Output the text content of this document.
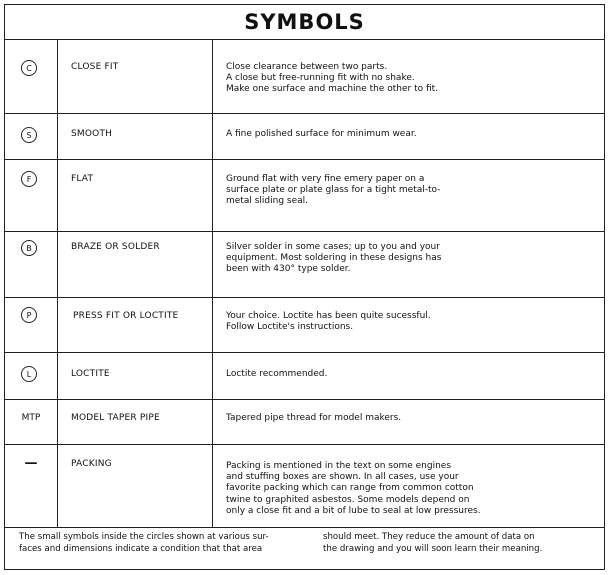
SYMBOLS
C	CLOSE FIT	Close clearance between two parts.
A close but free-running fit with no shake.
Make one surface and machine the other to fit.
S	SMOOTH	A fine polished surface for minimum wear.
F	FLAT	Ground flat with very fine emery paper on a
surface plate or plate glass for a tight metal-to-
metal sliding seal.
B	BRAZE OR SOLDER	Silver solder in some cases; up to you and your
equipment. Most soldering in these designs has
been with 430° type solder.
P	PRESS FIT OR LOCTITE	Your choice. Loctite has been quite sucessful.
Follow Loctite's instructions.
L	LOCTITE	Loctite recommended.
MTP	MODEL TAPER PIPE	Tapered pipe thread for model makers.
—	PACKING	Packing is mentioned in the text on some engines
and stuffing boxes are shown. In all cases, use your
favorite packing which can range from common cotton
twine to graphited asbestos. Some models depend on
only a close fit and a bit of lube to seal at low pressures.
The small symbols inside the circles shown at various sur-
faces and dimensions indicate a condition that that area
should meet. They reduce the amount of data on
the drawing and you will soon learn their meaning.
